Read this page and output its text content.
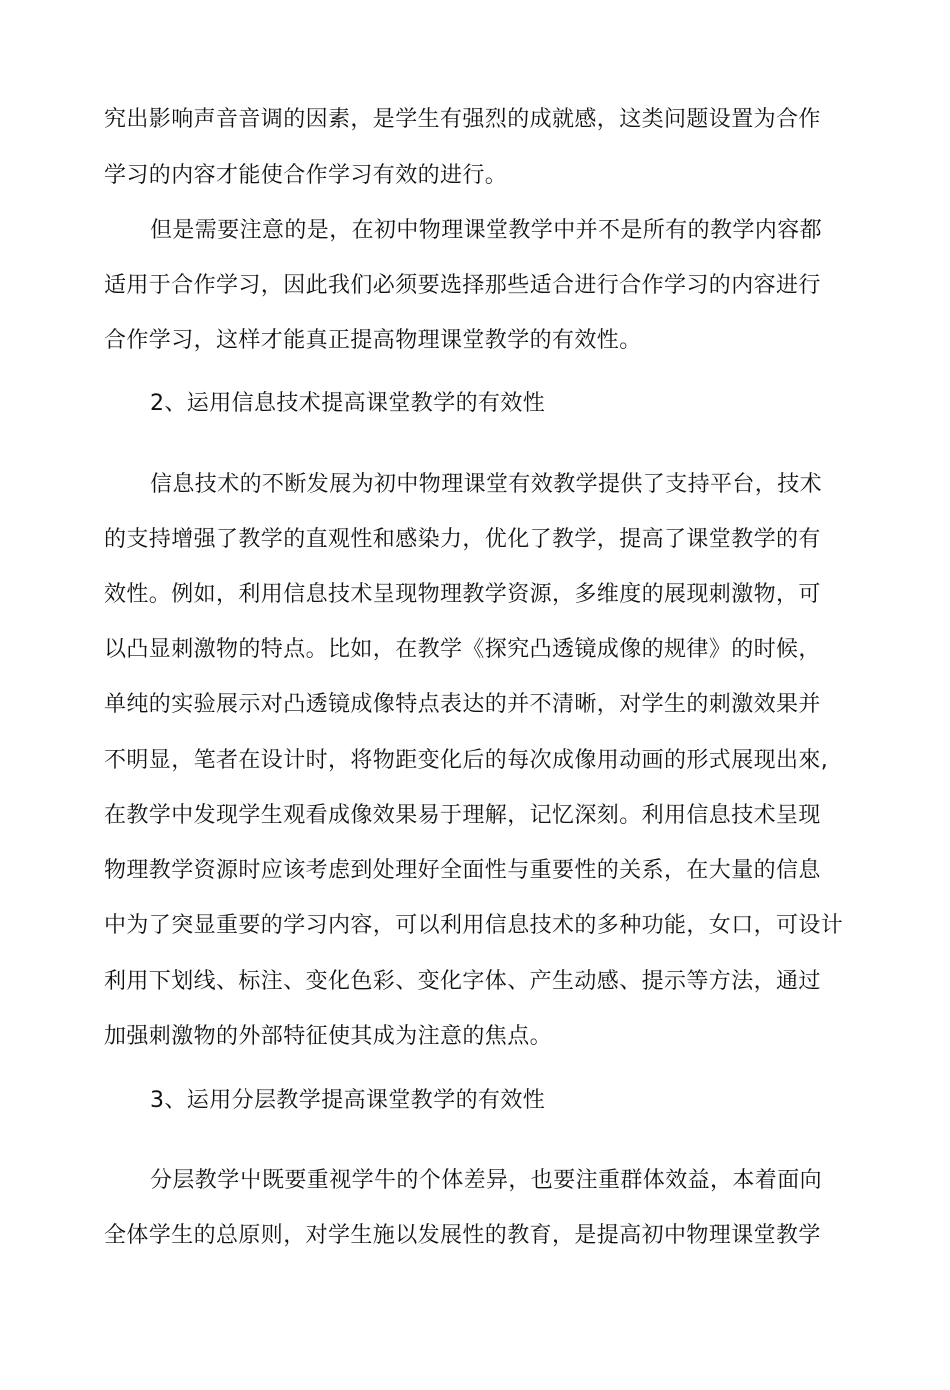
究出影响声音音调的因素，是学生有强烈的成就感，这类问题设置为合作
学习的内容才能使合作学习有效的进行。
但是需要注意的是，在初中物理课堂教学中并不是所有的教学内容都
适用于合作学习，因此我们必须要选择那些适合进行合作学习的内容进行
合作学习，这样才能真正提高物理课堂教学的有效性。
2、运用信息技术提高课堂教学的有效性
信息技术的不断发展为初中物理课堂有效教学提供了支持平台，技术
的支持增强了教学的直观性和感染力，优化了教学，提高了课堂教学的有
效性。例如，利用信息技术呈现物理教学资源，多维度的展现刺激物，可
以凸显刺激物的特点。比如，在教学《探究凸透镜成像的规律》的时候，
单纯的实验展示对凸透镜成像特点表达的并不清晰，对学生的刺激效果并
不明显，笔者在设计时，将物距变化后的每次成像用动画的形式展现出來,
在教学中发现学生观看成像效果易于理解，记忆深刻。利用信息技术呈现
物理教学资源时应该考虑到处理好全面性与重要性的关系，在大量的信息
中为了突显重要的学习内容，可以利用信息技术的多种功能，女口，可设计
利用下划线、标注、变化色彩、变化字体、产生动感、提示等方法，通过
加强刺激物的外部特征使其成为注意的焦点。
3、运用分层教学提高课堂教学的有效性
分层教学屮既要重视学牛的个体差异，也要注重群体效益，本着面向
全体学生的总原则，对学生施以发展性的教育，是提高初中物理课堂教学
